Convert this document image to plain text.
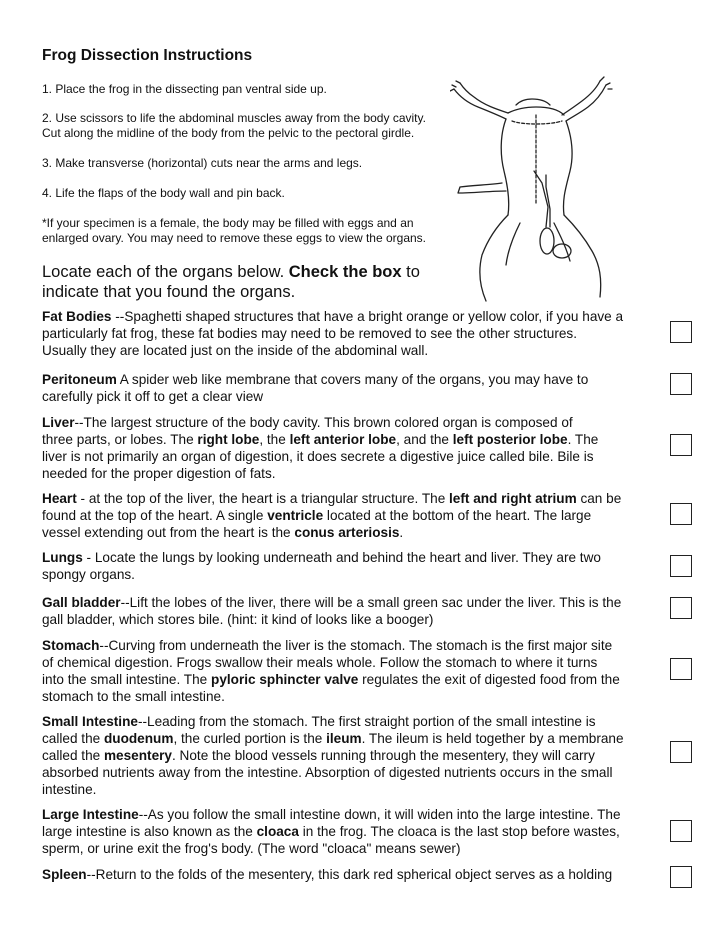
Frog Dissection Instructions
1. Place the frog in the dissecting pan ventral side up.
2. Use scissors to life the abdominal muscles away from the body cavity.
Cut along the midline of the body from the pelvic to the pectoral girdle.
3. Make transverse (horizontal) cuts near the arms and legs.
4. Life the flaps of the body wall and pin back.
*If your specimen is a female, the body may be filled with eggs and an
enlarged ovary. You may need to remove these eggs to view the organs.
Locate each of the organs below. Check the box to
indicate that you found the organs.
Fat Bodies --Spaghetti shaped structures that have a bright orange or yellow color, if you have a
particularly fat frog, these fat bodies may need to be removed to see the other structures.
Usually they are located just on the inside of the abdominal wall.
Peritoneum A spider web like membrane that covers many of the organs, you may have to
carefully pick it off to get a clear view
Liver--The largest structure of the body cavity. This brown colored organ is composed of
three parts, or lobes. The right lobe, the left anterior lobe, and the left posterior lobe. The
liver is not primarily an organ of digestion, it does secrete a digestive juice called bile. Bile is
needed for the proper digestion of fats.
Heart - at the top of the liver, the heart is a triangular structure. The left and right atrium can be
found at the top of the heart. A single ventricle located at the bottom of the heart. The large
vessel extending out from the heart is the conus arteriosis.
Lungs - Locate the lungs by looking underneath and behind the heart and liver. They are two
spongy organs.
Gall bladder--Lift the lobes of the liver, there will be a small green sac under the liver. This is the
gall bladder, which stores bile. (hint: it kind of looks like a booger)
Stomach--Curving from underneath the liver is the stomach. The stomach is the first major site
of chemical digestion. Frogs swallow their meals whole. Follow the stomach to where it turns
into the small intestine. The pyloric sphincter valve regulates the exit of digested food from the
stomach to the small intestine.
Small Intestine--Leading from the stomach. The first straight portion of the small intestine is
called the duodenum, the curled portion is the ileum. The ileum is held together by a membrane
called the mesentery. Note the blood vessels running through the mesentery, they will carry
absorbed nutrients away from the intestine. Absorption of digested nutrients occurs in the small
intestine.
Large Intestine--As you follow the small intestine down, it will widen into the large intestine. The
large intestine is also known as the cloaca in the frog. The cloaca is the last stop before wastes,
sperm, or urine exit the frog's body. (The word "cloaca" means sewer)
Spleen--Return to the folds of the mesentery, this dark red spherical object serves as a holding
